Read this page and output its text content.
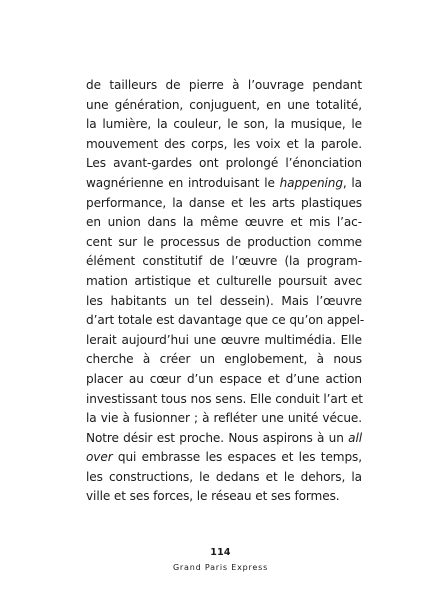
de tailleurs de pierre à l’ouvrage pendant
une génération, conjuguent, en une totalité,
la lumière, la couleur, le son, la musique, le
mouvement des corps, les voix et la parole.
Les avant-gardes ont prolongé l’énonciation
wagnérienne en introduisant le happening, la
performance, la danse et les arts plastiques
en union dans la même œuvre et mis l’ac-
cent sur le processus de production comme
élément constitutif de l’œuvre (la program-
mation artistique et culturelle poursuit avec
les habitants un tel dessein). Mais l’œuvre
d’art totale est davantage que ce qu’on appel-
lerait aujourd’hui une œuvre multimédia. Elle
cherche à créer un englobement, à nous
placer au cœur d’un espace et d’une action
investissant tous nos sens. Elle conduit l’art et
la vie à fusionner ; à refléter une unité vécue.
Notre désir est proche. Nous aspirons à un all
over qui embrasse les espaces et les temps,
les constructions, le dedans et le dehors, la
ville et ses forces, le réseau et ses formes.

114
Grand Paris Express
